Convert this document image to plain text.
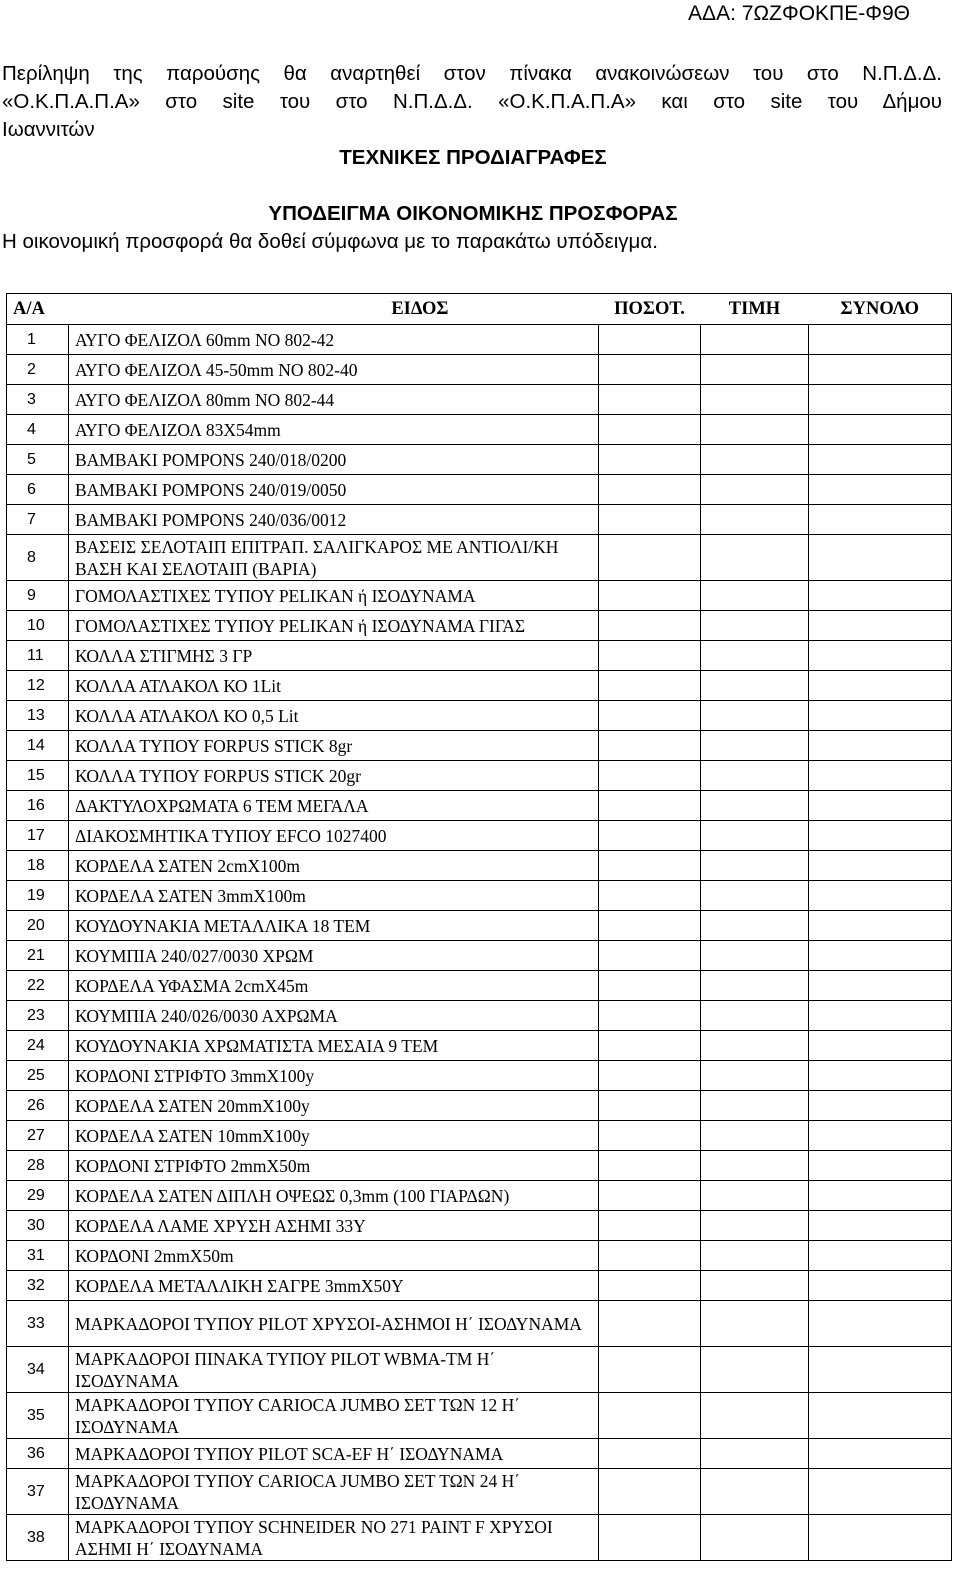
ΑΔΑ: 7ΩΖΦΟΚΠΕ-Φ9Θ
Περίληψη της παρούσης θα αναρτηθεί στον πίνακα ανακοινώσεων του στο Ν.Π.Δ.Δ.
«Ο.Κ.Π.Α.Π.Α» στο site του στο Ν.Π.Δ.Δ. «Ο.Κ.Π.Α.Π.Α» και στο site του Δήμου
Ιωαννιτών
ΤΕΧΝΙΚΕΣ ΠΡΟΔΙΑΓΡΑΦΕΣ
ΥΠΟΔΕΙΓΜΑ ΟΙΚΟΝΟΜΙΚΗΣ ΠΡΟΣΦΟΡΑΣ
Η οικονομική προσφορά θα δοθεί σύμφωνα με το παρακάτω υπόδειγμα.
Α/Α	ΕΙΔΟΣ	ΠΟΣΟΤ.	ΤΙΜΗ	ΣΥΝΟΛΟ
1	ΑΥΓΟ ΦΕΛΙΖΟΛ 60mm ΝΟ 802-42			
2	ΑΥΓΟ ΦΕΛΙΖΟΛ 45-50mm ΝΟ 802-40			
3	ΑΥΓΟ ΦΕΛΙΖΟΛ 80mm ΝΟ 802-44			
4	ΑΥΓΟ ΦΕΛΙΖΟΛ 83Χ54mm			
5	ΒΑΜΒΑΚΙ POMPONS 240/018/0200			
6	ΒΑΜΒΑΚΙ POMPONS 240/019/0050			
7	ΒΑΜΒΑΚΙ POMPONS 240/036/0012			
8	ΒΑΣΕΙΣ ΣΕΛΟΤΑΙΠ ΕΠΙΤΡΑΠ. ΣΑΛΙΓΚΑΡΟΣ ΜΕ ΑΝΤΙΟΛΙ/ΚΗ ΒΑΣΗ ΚΑΙ ΣΕΛΟΤΑΙΠ (ΒΑΡΙΑ)			
9	ΓΟΜΟΛΑΣΤΙΧΕΣ ΤΥΠΟΥ PELIKAN ή ΙΣΟΔΥΝΑΜΑ			
10	ΓΟΜΟΛΑΣΤΙΧΕΣ ΤΥΠΟΥ PELIKAN ή ΙΣΟΔΥΝΑΜΑ ΓΙΓΑΣ			
11	ΚΟΛΛΑ ΣΤΙΓΜΗΣ 3 ΓΡ			
12	ΚΟΛΛΑ ΑΤΛΑΚΟΛ ΚΟ 1Lit			
13	ΚΟΛΛΑ ΑΤΛΑΚΟΛ ΚΟ 0,5 Lit			
14	ΚΟΛΛΑ ΤΥΠΟΥ FORPUS STICK 8gr			
15	ΚΟΛΛΑ ΤΥΠΟΥ FORPUS STICK 20gr			
16	ΔΑΚΤΥΛΟΧΡΩΜΑΤΑ 6 ΤΕΜ ΜΕΓΑΛΑ			
17	ΔΙΑΚΟΣΜΗΤΙΚΑ ΤΥΠΟΥ EFCO 1027400			
18	ΚΟΡΔΕΛΑ ΣΑΤΕΝ 2cmX100m			
19	ΚΟΡΔΕΛΑ ΣΑΤΕΝ 3mmX100m			
20	ΚΟΥΔΟΥΝΑΚΙΑ ΜΕΤΑΛΛΙΚΑ 18 ΤΕΜ			
21	ΚΟΥΜΠΙΑ 240/027/0030 ΧΡΩΜ			
22	ΚΟΡΔΕΛΑ ΥΦΑΣΜΑ 2cmX45m			
23	ΚΟΥΜΠΙΑ 240/026/0030 ΑΧΡΩΜΑ			
24	ΚΟΥΔΟΥΝΑΚΙΑ ΧΡΩΜΑΤΙΣΤΑ ΜΕΣΑΙΑ 9 ΤΕΜ			
25	ΚΟΡΔΟΝΙ ΣΤΡΙΦΤΟ 3mmX100y			
26	ΚΟΡΔΕΛΑ ΣΑΤΕΝ 20mmX100y			
27	ΚΟΡΔΕΛΑ ΣΑΤΕΝ 10mmX100y			
28	ΚΟΡΔΟΝΙ ΣΤΡΙΦΤΟ 2mmX50m			
29	ΚΟΡΔΕΛΑ ΣΑΤΕΝ ΔΙΠΛΗ ΟΨΕΩΣ 0,3mm (100 ΓΙΑΡΔΩΝ)			
30	ΚΟΡΔΕΛΑ ΛΑΜΕ ΧΡΥΣΗ ΑΣΗΜΙ 33Υ			
31	ΚΟΡΔΟΝΙ 2mmX50m			
32	ΚΟΡΔΕΛΑ ΜΕΤΑΛΛΙΚΗ ΣΑΓΡΕ 3mmX50Y			
33	ΜΑΡΚΑΔΟΡΟΙ ΤΥΠΟΥ PILOT ΧΡΥΣΟΙ-ΑΣΗΜΟΙ Η΄ ΙΣΟΔΥΝΑΜΑ			
34	ΜΑΡΚΑΔΟΡΟΙ ΠΙΝΑΚΑ ΤΥΠΟΥ PILOT WBMA-TM Η΄ ΙΣΟΔΥΝΑΜΑ			
35	ΜΑΡΚΑΔΟΡΟΙ ΤΥΠΟΥ CARIOCA JUMBO ΣΕΤ ΤΩΝ 12 Η΄ ΙΣΟΔΥΝΑΜΑ			
36	ΜΑΡΚΑΔΟΡΟΙ ΤΥΠΟΥ PILOT SCA-EF Η΄ ΙΣΟΔΥΝΑΜΑ			
37	ΜΑΡΚΑΔΟΡΟΙ ΤΥΠΟΥ CARIOCA JUMBO ΣΕΤ ΤΩΝ 24 Η΄ ΙΣΟΔΥΝΑΜΑ			
38	ΜΑΡΚΑΔΟΡΟΙ ΤΥΠΟΥ SCHNEIDER ΝΟ 271 PAINT F ΧΡΥΣΟΙ ΑΣΗΜΙ Η΄ ΙΣΟΔΥΝΑΜΑ			
